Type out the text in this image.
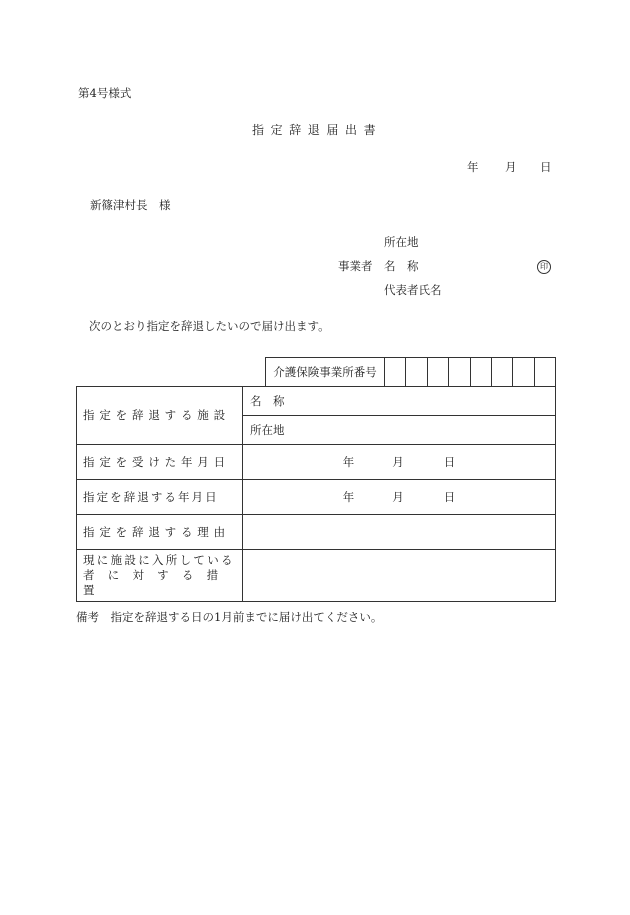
第4号様式
指定辞退届出書
年 月 日
新篠津村長　様
所在地
事業者 名　称	印
代表者氏名
次のとおり指定を辞退したいので届け出ます。
介護保険事業所番号								
指定を辞退する施設	名　称
	所在地

指定を受けた年月日	年 月 日

指定を辞退する年月日	年 月 日

指定を辞退する理由	

現に施設に入所している
者に対する措置	

備考　指定を辞退する日の1月前までに届け出てください。
